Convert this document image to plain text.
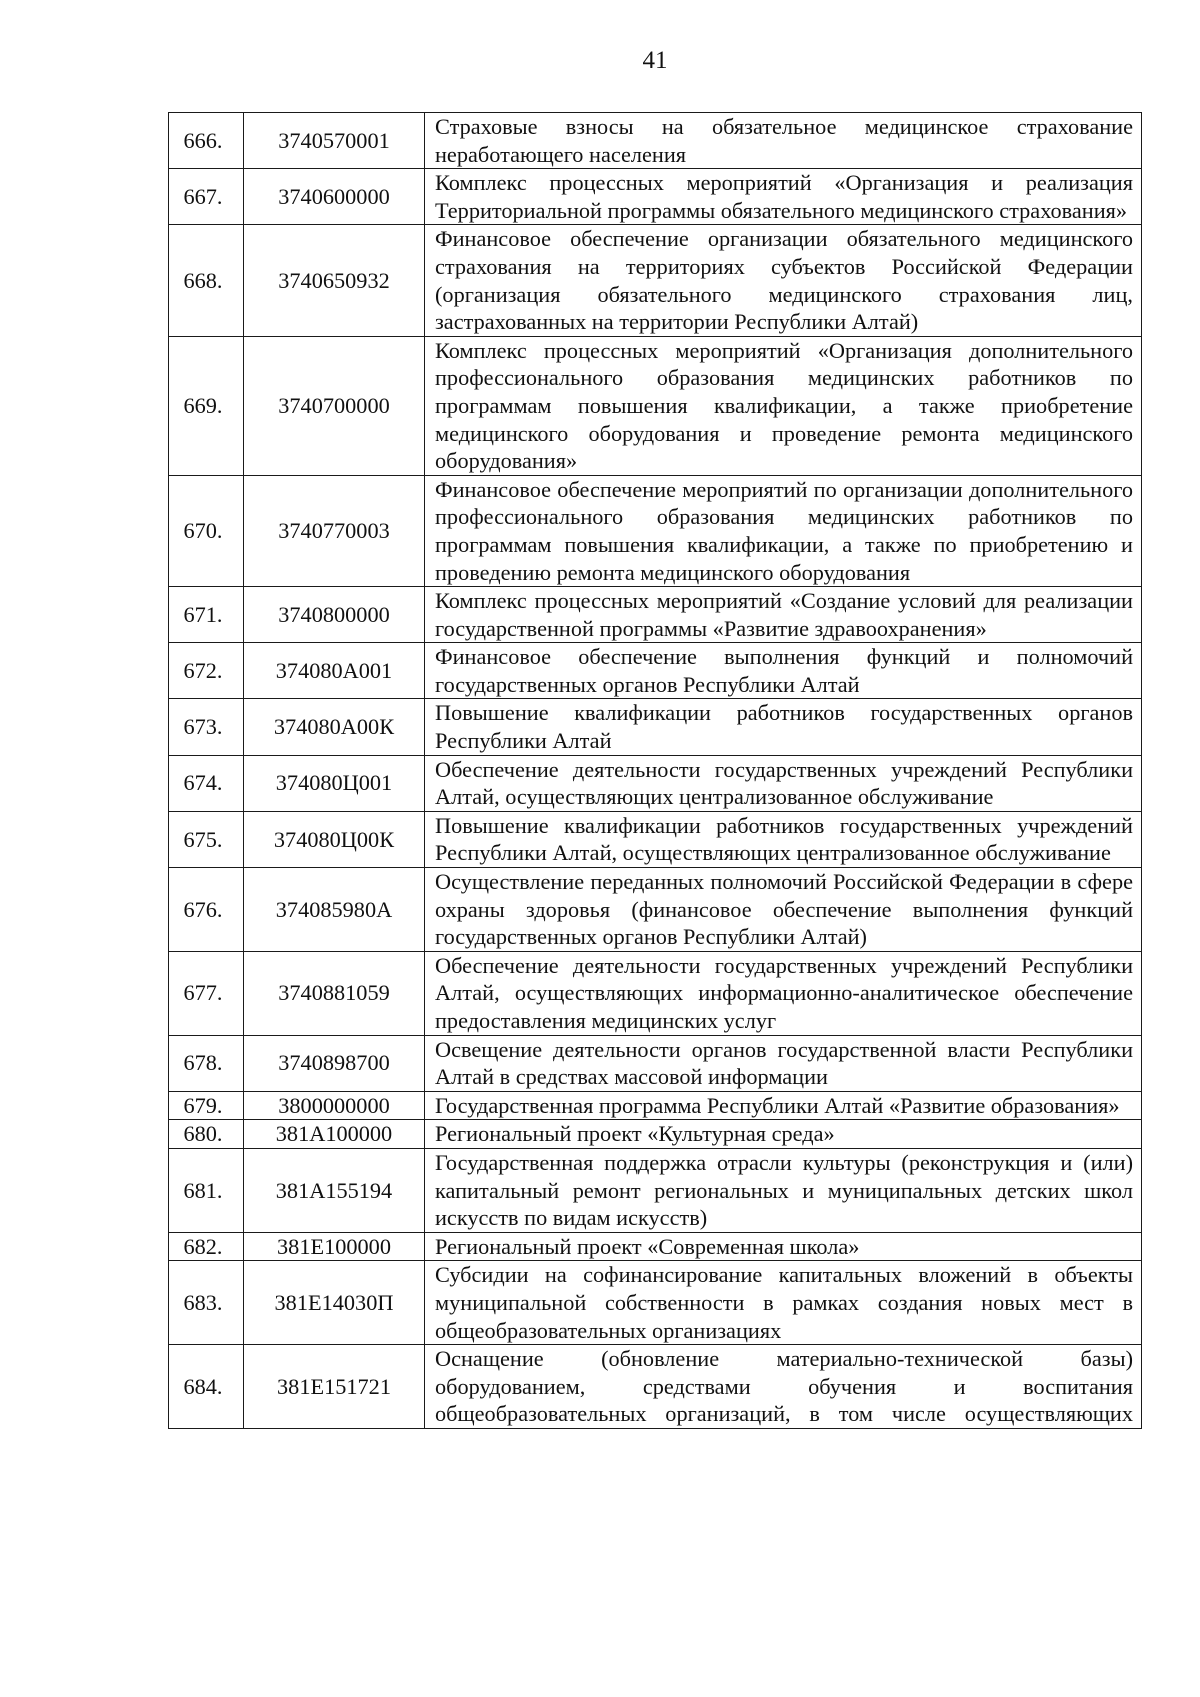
41
666.	3740570001	Страховые взносы на обязательное медицинское страхование неработающего населения
667.	3740600000	Комплекс процессных мероприятий «Организация и реализация Территориальной программы обязательного медицинского страхования»
668.	3740650932	Финансовое обеспечение организации обязательного медицинского страхования на территориях субъектов Российской Федерации (организация обязательного медицинского страхования лиц, застрахованных на территории Республики Алтай)
669.	3740700000	Комплекс процессных мероприятий «Организация дополнительного профессионального образования медицинских работников по программам повышения квалификации, а также приобретение медицинского оборудования и проведение ремонта медицинского оборудования»
670.	3740770003	Финансовое обеспечение мероприятий по организации дополнительного профессионального образования медицинских работников по программам повышения квалификации, а также по приобретению и проведению ремонта медицинского оборудования
671.	3740800000	Комплекс процессных мероприятий «Создание условий для реализации государственной программы «Развитие здравоохранения»
672.	374080А001	Финансовое обеспечение выполнения функций и полномочий государственных органов Республики Алтай
673.	374080А00К	Повышение квалификации работников государственных органов Республики Алтай
674.	374080Ц001	Обеспечение деятельности государственных учреждений Республики Алтай, осуществляющих централизованное обслуживание
675.	374080Ц00К	Повышение квалификации работников государственных учреждений Республики Алтай, осуществляющих централизованное обслуживание
676.	374085980А	Осуществление переданных полномочий Российской Федерации в сфере охраны здоровья (финансовое обеспечение выполнения функций государственных органов Республики Алтай)
677.	3740881059	Обеспечение деятельности государственных учреждений Республики Алтай, осуществляющих информационно-аналитическое обеспечение предоставления медицинских услуг
678.	3740898700	Освещение деятельности органов государственной власти Республики Алтай в средствах массовой информации
679.	3800000000	Государственная программа Республики Алтай «Развитие образования»
680.	381А100000	Региональный проект «Культурная среда»
681.	381А155194	Государственная поддержка отрасли культуры (реконструкция и (или) капитальный ремонт региональных и муниципальных детских школ искусств по видам искусств)
682.	381Е100000	Региональный проект «Современная школа»
683.	381Е14030П	Субсидии на софинансирование капитальных вложений в объекты муниципальной собственности в рамках создания новых мест в общеобразовательных организациях
684.	381Е151721	Оснащение (обновление материально-технической базы) оборудованием, средствами обучения и воспитания общеобразовательных организаций, в том числе осуществляющих
